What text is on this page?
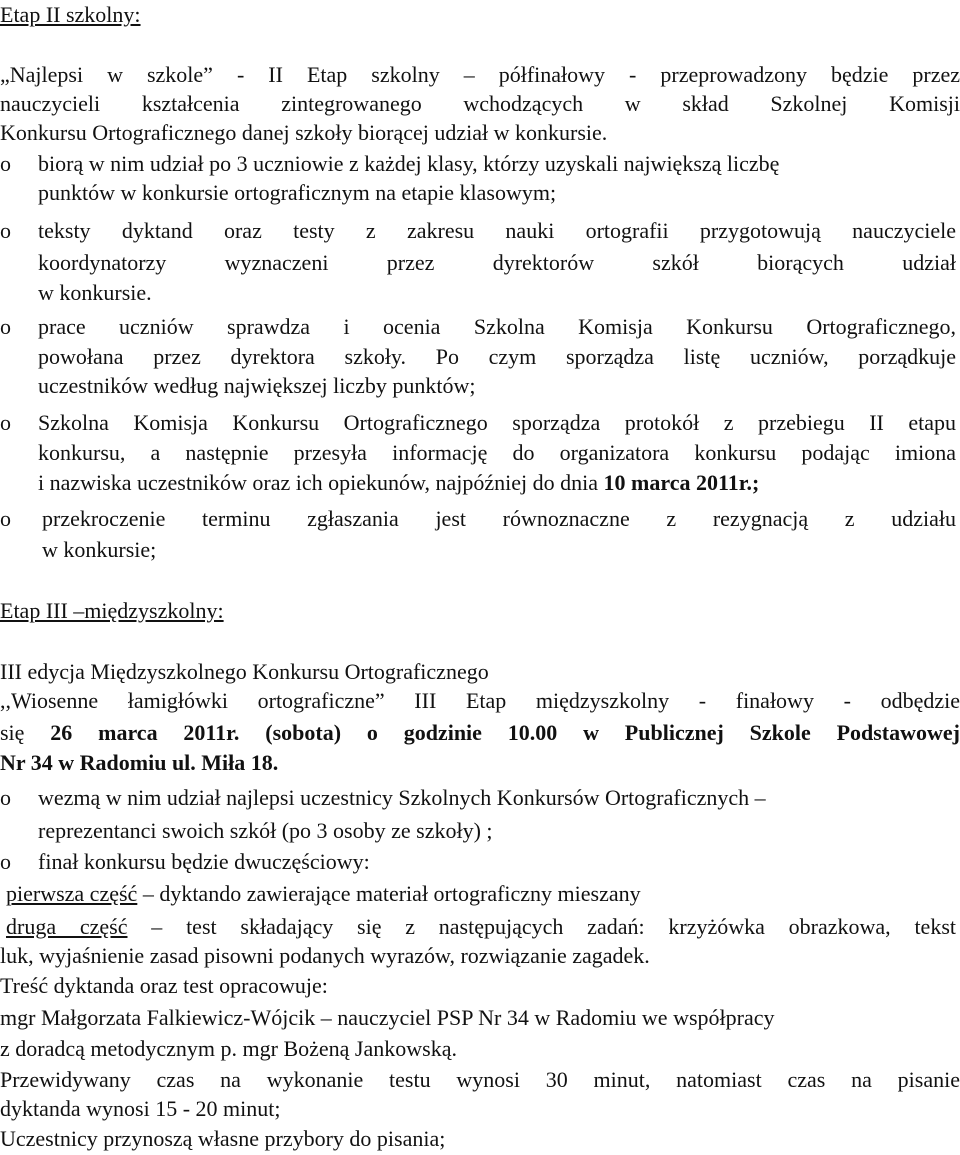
Etap II szkolny:
„Najlepsi w szkole” - II Etap szkolny – półfinałowy - przeprowadzony będzie przez
nauczycieli kształcenia zintegrowanego wchodzących w skład Szkolnej Komisji
Konkursu Ortograficznego danej szkoły biorącej udział w konkursie.
o	biorą w nim udział po 3 uczniowie z każdej klasy, którzy uzyskali największą liczbę
punktów w konkursie ortograficznym na etapie klasowym;
o	teksty dyktand oraz testy z zakresu nauki ortografii przygotowują nauczyciele
koordynatorzy wyznaczeni przez dyrektorów szkół biorących udział
w konkursie.
o	prace uczniów sprawdza i ocenia Szkolna Komisja Konkursu Ortograficznego,
powołana przez dyrektora szkoły. Po czym sporządza listę uczniów, porządkuje
uczestników według największej liczby punktów;
o	Szkolna Komisja Konkursu Ortograficznego sporządza protokół z przebiegu II etapu
konkursu, a następnie przesyła informację do organizatora konkursu podając imiona
i nazwiska uczestników oraz ich opiekunów, najpóźniej do dnia 10 marca 2011r.;
o	przekroczenie terminu zgłaszania jest równoznaczne z rezygnacją z udziału
w konkursie;
Etap III –międzyszkolny:
III edycja Międzyszkolnego Konkursu Ortograficznego
,,Wiosenne łamigłówki ortograficzne” III Etap międzyszkolny - finałowy - odbędzie
się 26 marca 2011r. (sobota) o godzinie 10.00 w Publicznej Szkole Podstawowej
Nr 34 w Radomiu ul. Miła 18.
o	wezmą w nim udział najlepsi uczestnicy Szkolnych Konkursów Ortograficznych –
reprezentanci swoich szkół (po 3 osoby ze szkoły) ;
o	finał konkursu będzie dwuczęściowy:
pierwsza część – dyktando zawierające materiał ortograficzny mieszany
druga część – test składający się z następujących zadań: krzyżówka obrazkowa, tekst
luk, wyjaśnienie zasad pisowni podanych wyrazów, rozwiązanie zagadek.
Treść dyktanda oraz test opracowuje:
mgr Małgorzata Falkiewicz-Wójcik – nauczyciel PSP Nr 34 w Radomiu we współpracy
z doradcą metodycznym p. mgr Bożeną Jankowską.
Przewidywany czas na wykonanie testu wynosi 30 minut, natomiast czas na pisanie
dyktanda wynosi 15 - 20 minut;
Uczestnicy przynoszą własne przybory do pisania;
